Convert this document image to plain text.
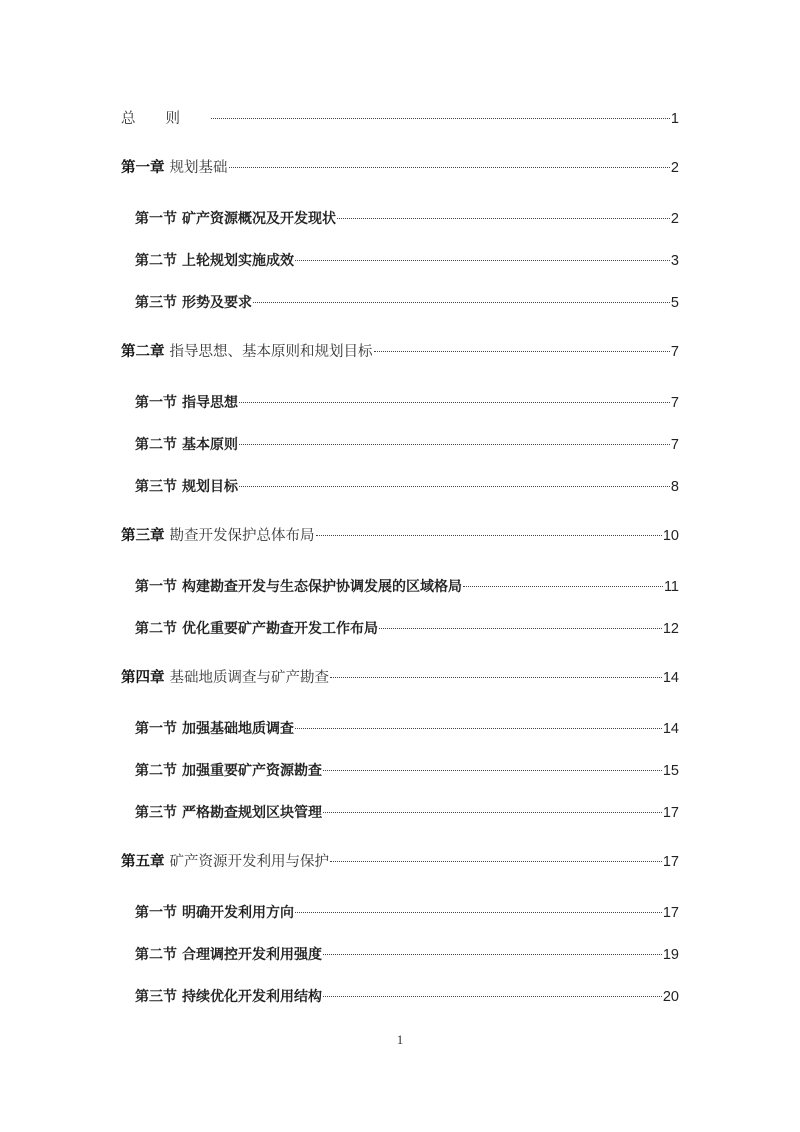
总则	1
第一章 规划基础	2
第一节 矿产资源概况及开发现状	2
第二节 上轮规划实施成效	3
第三节 形势及要求	5
第二章 指导思想、基本原则和规划目标	7
第一节 指导思想	7
第二节 基本原则	7
第三节 规划目标	8
第三章 勘查开发保护总体布局	10
第一节 构建勘查开发与生态保护协调发展的区域格局	11
第二节 优化重要矿产勘查开发工作布局	12
第四章 基础地质调查与矿产勘查	14
第一节 加强基础地质调查	14
第二节 加强重要矿产资源勘查	15
第三节 严格勘查规划区块管理	17
第五章 矿产资源开发利用与保护	17
第一节 明确开发利用方向	17
第二节 合理调控开发利用强度	19
第三节 持续优化开发利用结构	20
1
